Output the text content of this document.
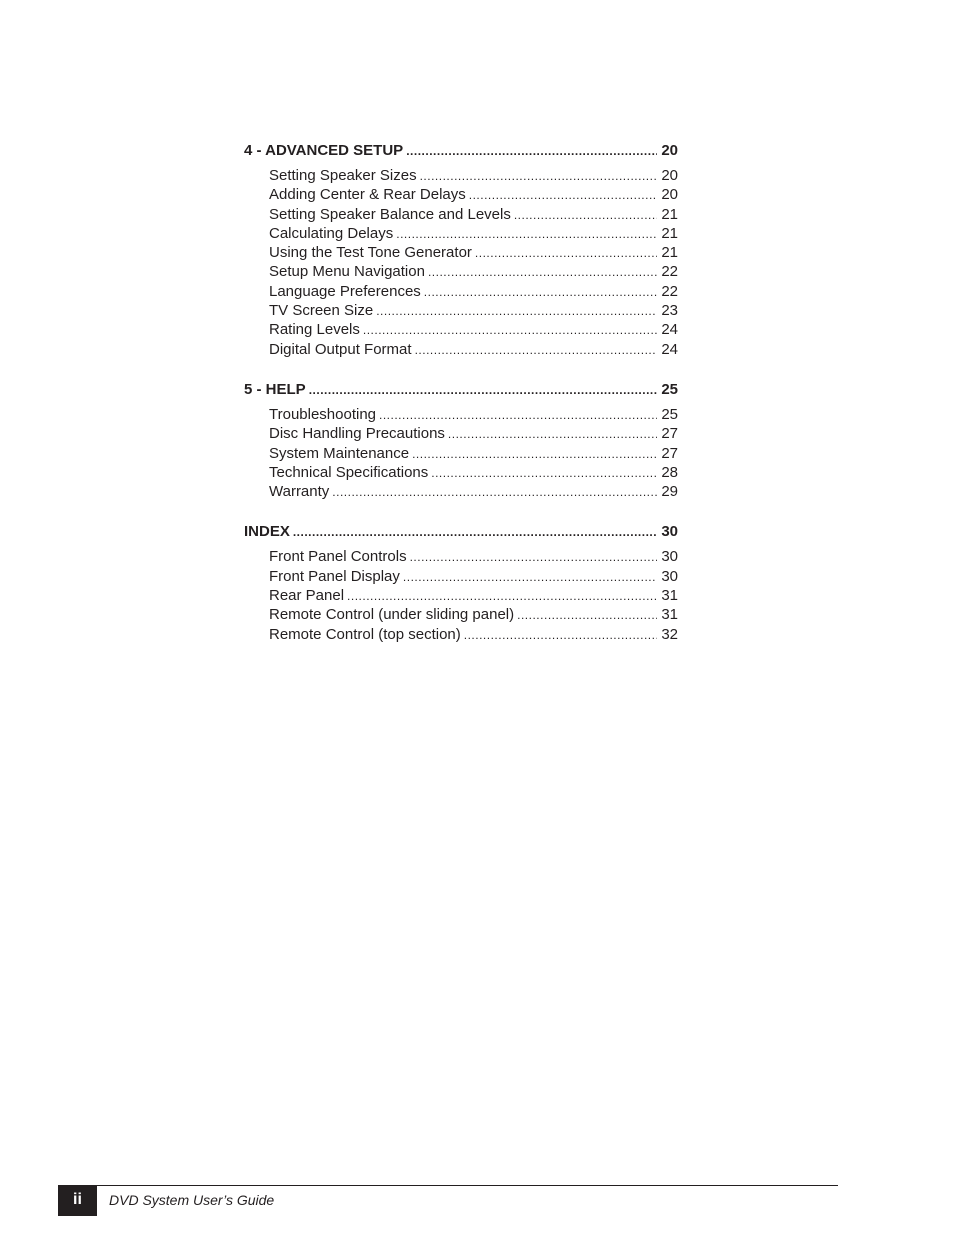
4 - ADVANCED SETUP .....	20
Setting Speaker Sizes .....	20
Adding Center & Rear Delays .....	20
Setting Speaker Balance and Levels .....	21
Calculating Delays .....	21
Using the Test Tone Generator .....	21
Setup Menu Navigation .....	22
Language Preferences .....	22
TV Screen Size .....	23
Rating Levels .....	24
Digital Output Format .....	24
5 - HELP .....	25
Troubleshooting .....	25
Disc Handling Precautions .....	27
System Maintenance .....	27
Technical Specifications .....	28
Warranty .....	29
INDEX .....	30
Front Panel Controls .....	30
Front Panel Display .....	30
Rear Panel .....	31
Remote Control (under sliding panel) .....	31
Remote Control (top section) .....	32
ii	DVD System User’s Guide
